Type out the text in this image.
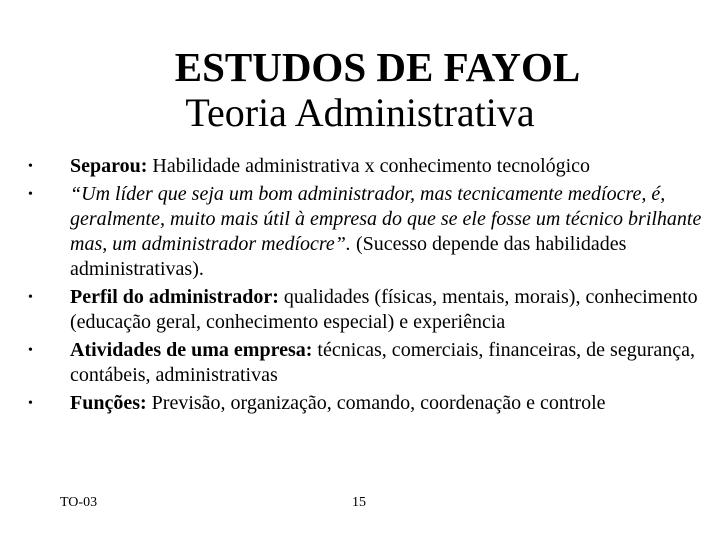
ESTUDOS DE FAYOL
Teoria Administrativa
•	Separou: Habilidade administrativa x conhecimento tecnológico
•	“Um líder que seja um bom administrador, mas tecnicamente medíocre, é, geralmente, muito mais útil à empresa do que se ele fosse um técnico brilhante mas, um administrador medíocre”. (Sucesso depende das habilidades administrativas).
•	Perfil do administrador: qualidades (físicas, mentais, morais), conhecimento (educação geral, conhecimento especial) e experiência
•	Atividades de uma empresa: técnicas, comerciais, financeiras, de segurança, contábeis, administrativas
•	Funções: Previsão, organização, comando, coordenação e controle
TO-03	15
